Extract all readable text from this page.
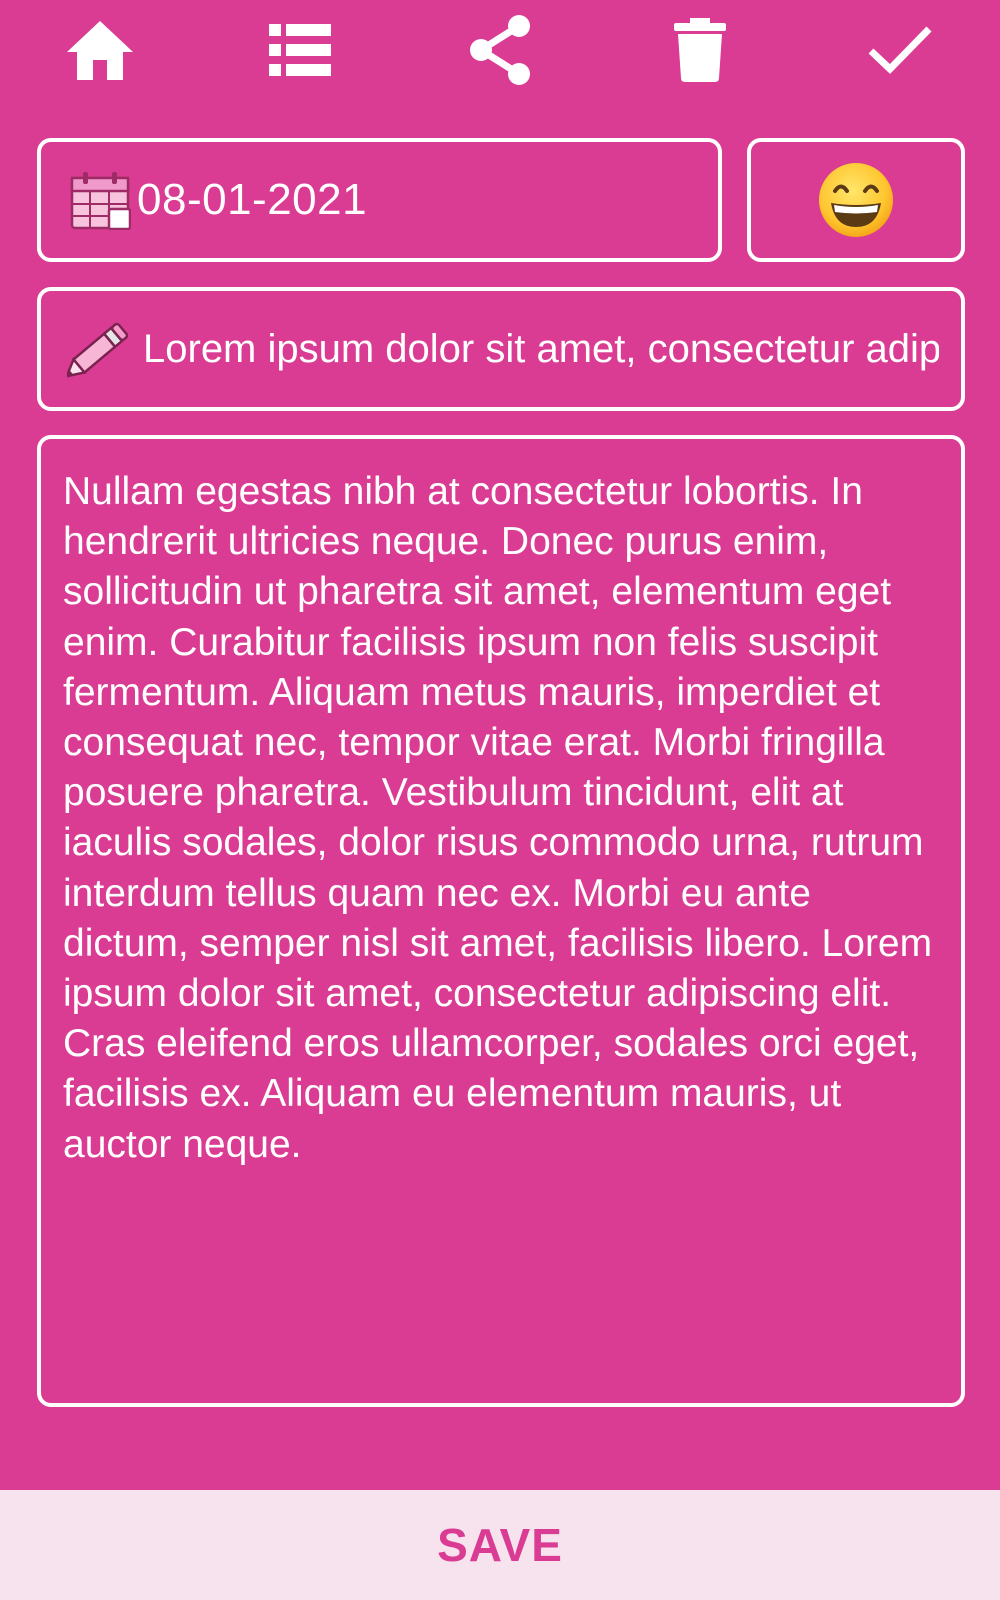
08-01-2021
Lorem ipsum dolor sit amet, consectetur adipiscing elit.
Nullam egestas nibh at consectetur lobortis. In hendrerit ultricies neque. Donec purus enim, sollicitudin ut pharetra sit amet, elementum eget enim. Curabitur facilisis ipsum non felis suscipit fermentum. Aliquam metus mauris, imperdiet et consequat nec, tempor vitae erat. Morbi fringilla posuere pharetra. Vestibulum tincidunt, elit at iaculis sodales, dolor risus commodo urna, rutrum interdum tellus quam nec ex. Morbi eu ante dictum, semper nisl sit amet, facilisis libero. Lorem ipsum dolor sit amet, consectetur adipiscing elit. Cras eleifend eros ullamcorper, sodales orci eget, facilisis ex. Aliquam eu elementum mauris, ut auctor neque.
SAVE
